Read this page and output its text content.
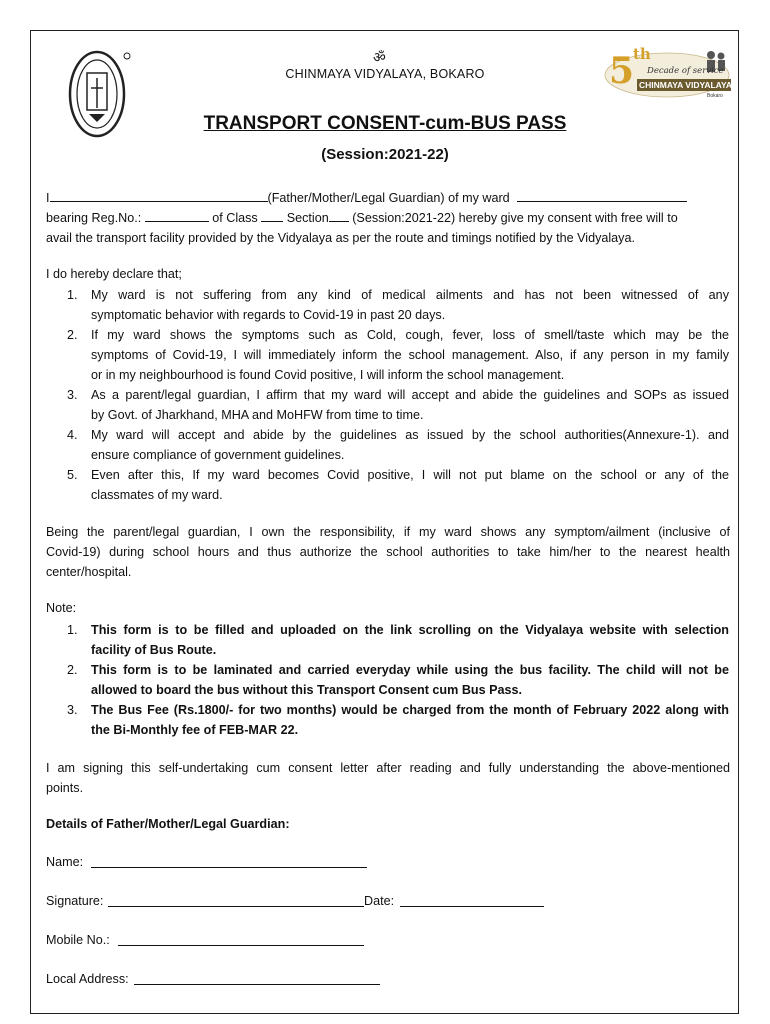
5
th
Decade of service
CHINMAYA VIDYALAYA
Bokaro
ॐ
CHINMAYA VIDYALAYA, BOKARO
TRANSPORT CONSENT-cum-BUS PASS
(Session:2021-22)
I	(Father/Mother/Legal Guardian) of my ward
bearing Reg.No.:	of Class Section (Session:2021-22) hereby give my consent with free will to
avail the transport facility provided by the Vidyalaya as per the route and timings notified by the Vidyalaya.
I do hereby declare that;
1. My ward is not suffering from any kind of medical ailments and has not been witnessed of any
symptomatic behavior with regards to Covid-19 in past 20 days.
2. If my ward shows the symptoms such as Cold, cough, fever, loss of smell/taste which may be the
symptoms of Covid-19, I will immediately inform the school management. Also, if any person in my family
or in my neighbourhood is found Covid positive, I will inform the school management.
3. As a parent/legal guardian, I affirm that my ward will accept and abide the guidelines and SOPs as issued
by Govt. of Jharkhand, MHA and MoHFW from time to time.
4. My ward will accept and abide by the guidelines as issued by the school authorities(Annexure-1). and
ensure compliance of government guidelines.
5. Even after this, If my ward becomes Covid positive, I will not put blame on the school or any of the
classmates of my ward.
Being the parent/legal guardian, I own the responsibility, if my ward shows any symptom/ailment (inclusive of
Covid-19) during school hours and thus authorize the school authorities to take him/her to the nearest health
center/hospital.
Note:
1. This form is to be filled and uploaded on the link scrolling on the Vidyalaya website with selection
facility of Bus Route.
2. This form is to be laminated and carried everyday while using the bus facility. The child will not be
allowed to board the bus without this Transport Consent cum Bus Pass.
3. The Bus Fee (Rs.1800/- for two months) would be charged from the month of February 2022 along with
the Bi-Monthly fee of FEB-MAR 22.
I am signing this self-undertaking cum consent letter after reading and fully understanding the above-mentioned
points.
Details of Father/Mother/Legal Guardian:
Name:
Signature:	Date:
Mobile No.:
Local Address:
